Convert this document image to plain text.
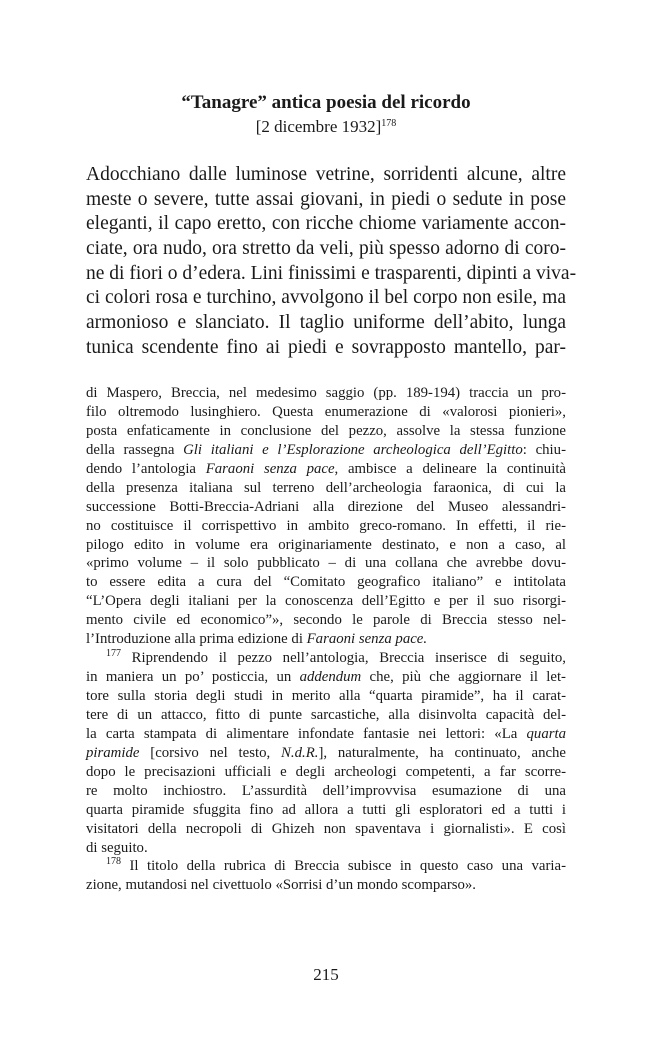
“Tanagre” antica poesia del ricordo
[2 dicembre 1932]$^{178}$
Adocchiano dalle luminose vetrine, sorridenti alcune, altre
meste o severe, tutte assai giovani, in piedi o sedute in pose
eleganti, il capo eretto, con ricche chiome variamente accon-
ciate, ora nudo, ora stretto da veli, più spesso adorno di coro-
ne di fiori o d’edera. Lini finissimi e trasparenti, dipinti a viva-
ci colori rosa e turchino, avvolgono il bel corpo non esile, ma
armonioso e slanciato. Il taglio uniforme dell’abito, lunga
tunica scendente fino ai piedi e sovrapposto mantello, par-
di Maspero, Breccia, nel medesimo saggio (pp. 189-194) traccia un pro-
filo oltremodo lusinghiero. Questa enumerazione di «valorosi pionieri»,
posta enfaticamente in conclusione del pezzo, assolve la stessa funzione
della rassegna Gli italiani e l’Esplorazione archeologica dell’Egitto: chiu-
dendo l’antologia Faraoni senza pace, ambisce a delineare la continuità
della presenza italiana sul terreno dell’archeologia faraonica, di cui la
successione Botti-Breccia-Adriani alla direzione del Museo alessandri-
no costituisce il corrispettivo in ambito greco-romano. In effetti, il rie-
pilogo edito in volume era originariamente destinato, e non a caso, al
«primo volume – il solo pubblicato – di una collana che avrebbe dovu-
to essere edita a cura del “Comitato geografico italiano” e intitolata
“L’Opera degli italiani per la conoscenza dell’Egitto e per il suo risorgi-
mento civile ed economico”», secondo le parole di Breccia stesso nel-
l’Introduzione alla prima edizione di Faraoni senza pace.
$^{177}$ Riprendendo il pezzo nell’antologia, Breccia inserisce di seguito,
in maniera un po’ posticcia, un addendum che, più che aggiornare il let-
tore sulla storia degli studi in merito alla “quarta piramide”, ha il carat-
tere di un attacco, fitto di punte sarcastiche, alla disinvolta capacità del-
la carta stampata di alimentare infondate fantasie nei lettori: «La quarta
piramide [corsivo nel testo, N.d.R.], naturalmente, ha continuato, anche
dopo le precisazioni ufficiali e degli archeologi competenti, a far scorre-
re molto inchiostro. L’assurdità dell’improvvisa esumazione di una
quarta piramide sfuggita fino ad allora a tutti gli esploratori ed a tutti i
visitatori della necropoli di Ghizeh non spaventava i giornalisti». E così
di seguito.
$^{178}$ Il titolo della rubrica di Breccia subisce in questo caso una varia-
zione, mutandosi nel civettuolo «Sorrisi d’un mondo scomparso».
215
